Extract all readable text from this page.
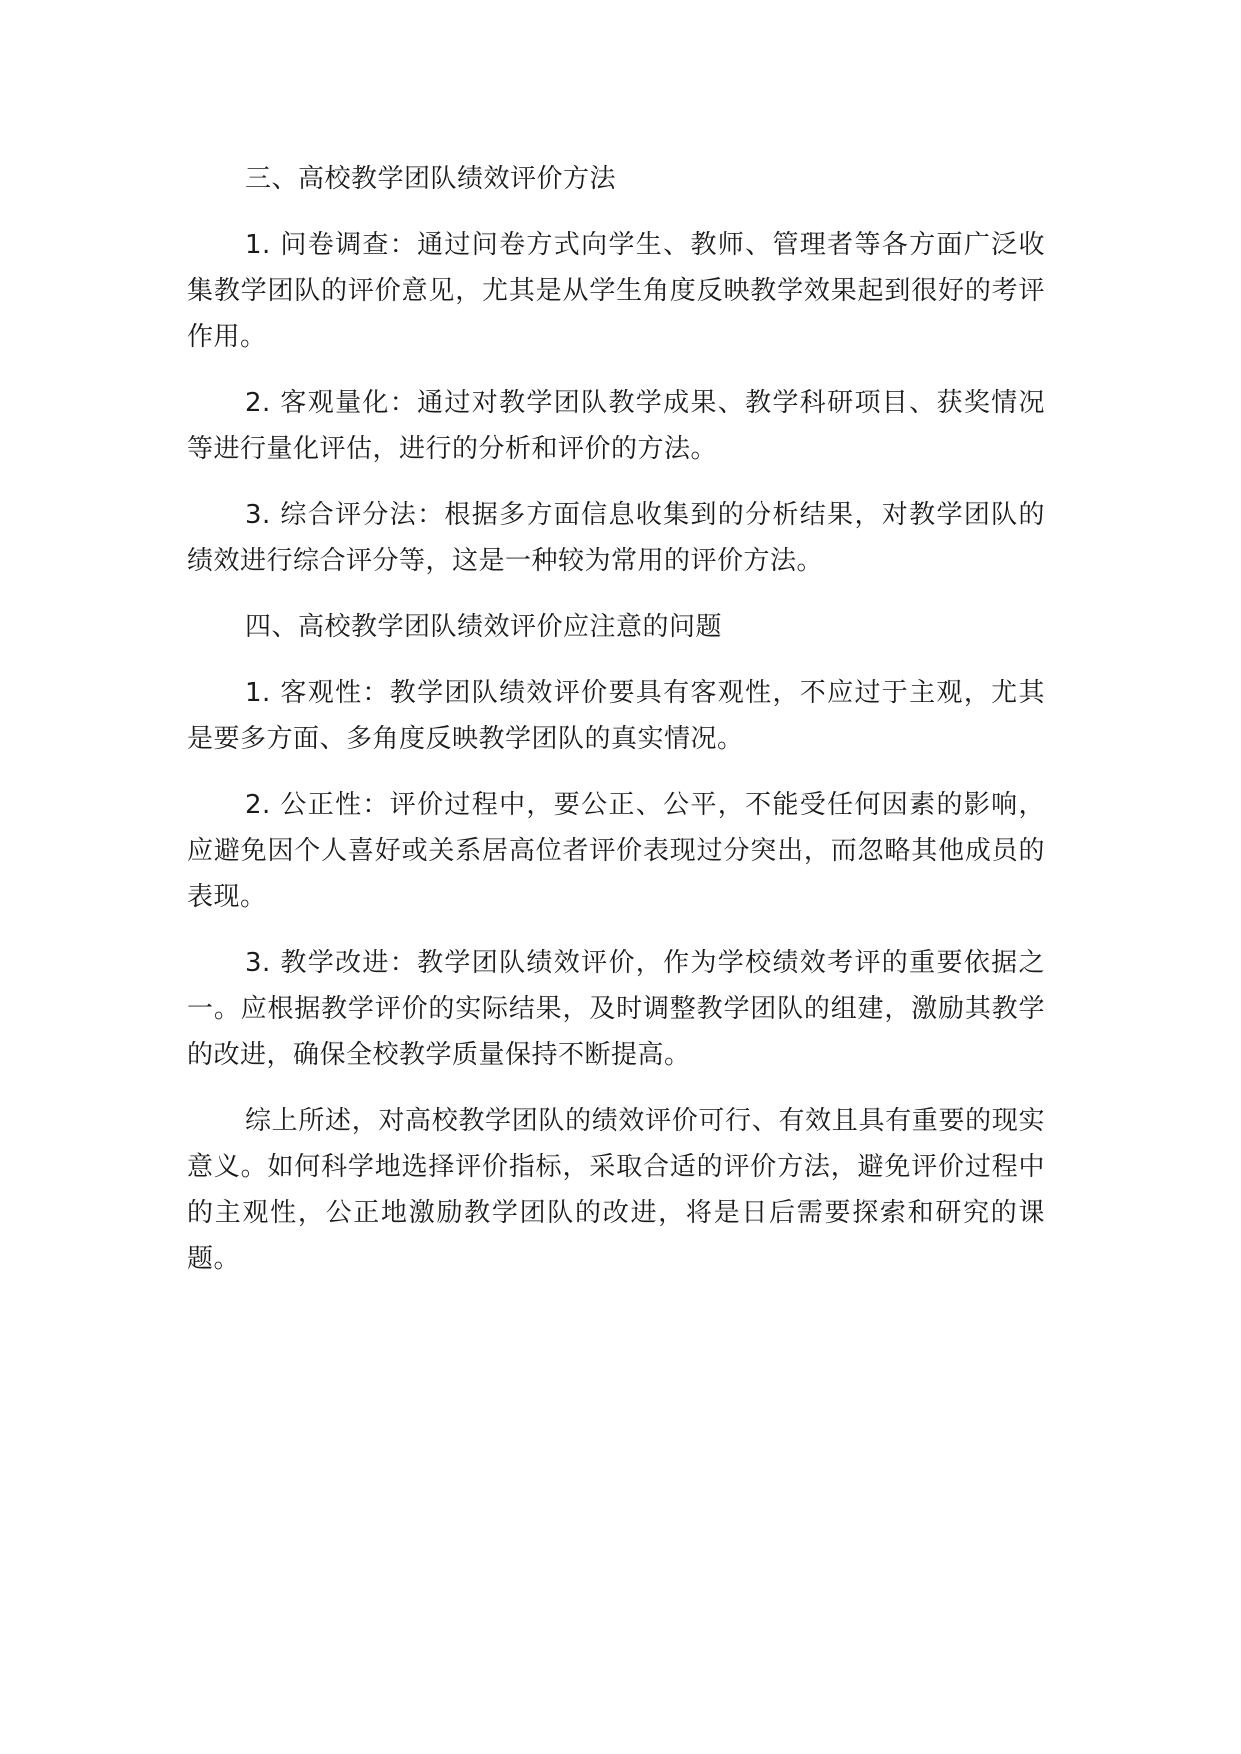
三、高校教学团队绩效评价方法

1. 问卷调查：通过问卷方式向学生、教师、管理者等各方面广泛收集教学团队的评价意见，尤其是从学生角度反映教学效果起到很好的考评作用。

2. 客观量化：通过对教学团队教学成果、教学科研项目、获奖情况等进行量化评估，进行的分析和评价的方法。

3. 综合评分法：根据多方面信息收集到的分析结果，对教学团队的绩效进行综合评分等，这是一种较为常用的评价方法。

四、高校教学团队绩效评价应注意的问题

1. 客观性：教学团队绩效评价要具有客观性，不应过于主观，尤其是要多方面、多角度反映教学团队的真实情况。

2. 公正性：评价过程中，要公正、公平，不能受任何因素的影响，应避免因个人喜好或关系居高位者评价表现过分突出，而忽略其他成员的表现。

3. 教学改进：教学团队绩效评价，作为学校绩效考评的重要依据之一。应根据教学评价的实际结果，及时调整教学团队的组建，激励其教学的改进，确保全校教学质量保持不断提高。

综上所述，对高校教学团队的绩效评价可行、有效且具有重要的现实意义。如何科学地选择评价指标，采取合适的评价方法，避免评价过程中的主观性，公正地激励教学团队的改进，将是日后需要探索和研究的课题。
